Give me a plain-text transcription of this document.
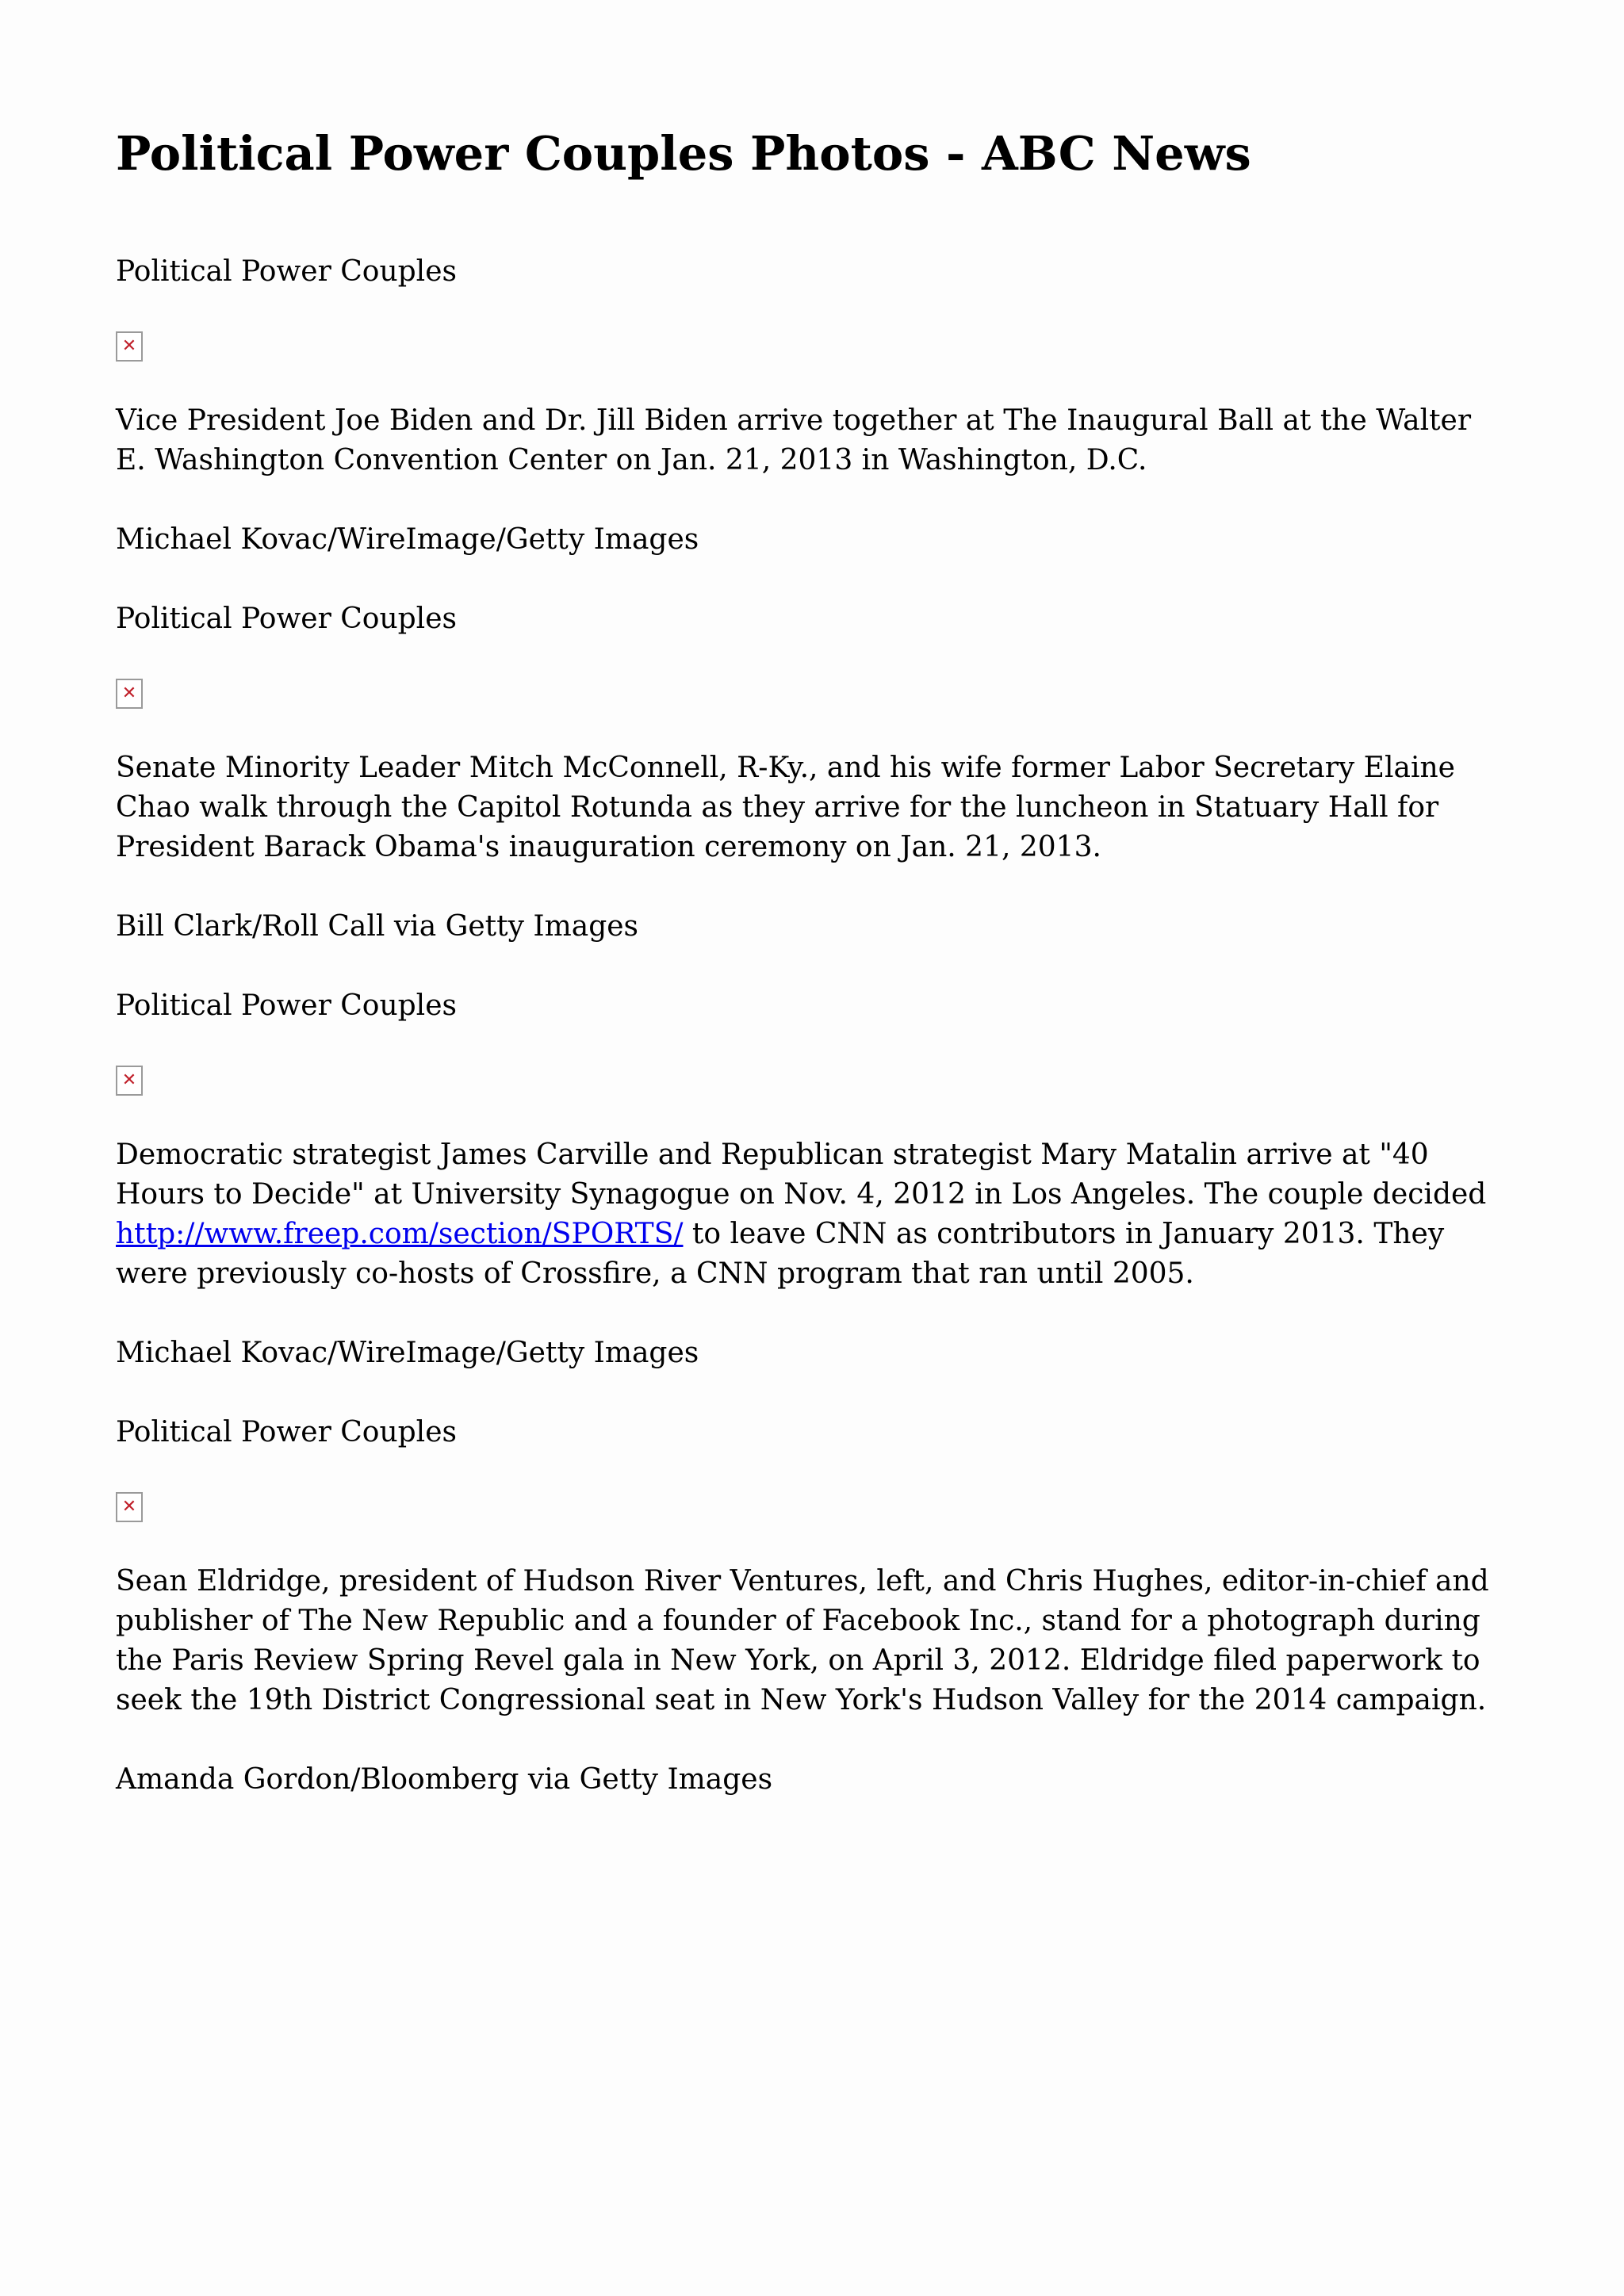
Political Power Couples Photos - ABC News

Political Power Couples

✕

Vice President Joe Biden and Dr. Jill Biden arrive together at The Inaugural Ball at the Walter E. Washington Convention Center on Jan. 21, 2013 in Washington, D.C.

Michael Kovac/WireImage/Getty Images

Political Power Couples

✕

Senate Minority Leader Mitch McConnell, R-Ky., and his wife former Labor Secretary Elaine Chao walk through the Capitol Rotunda as they arrive for the luncheon in Statuary Hall for President Barack Obama's inauguration ceremony on Jan. 21, 2013.

Bill Clark/Roll Call via Getty Images

Political Power Couples

✕

Democratic strategist James Carville and Republican strategist Mary Matalin arrive at "40 Hours to Decide" at University Synagogue on Nov. 4, 2012 in Los Angeles. The couple decided http://www.freep.com/section/SPORTS/ to leave CNN as contributors in January 2013. They were previously co-hosts of Crossfire, a CNN program that ran until 2005.

Michael Kovac/WireImage/Getty Images

Political Power Couples

✕

Sean Eldridge, president of Hudson River Ventures, left, and Chris Hughes, editor-in-chief and publisher of The New Republic and a founder of Facebook Inc., stand for a photograph during the Paris Review Spring Revel gala in New York, on April 3, 2012. Eldridge filed paperwork to seek the 19th District Congressional seat in New York's Hudson Valley for the 2014 campaign.

Amanda Gordon/Bloomberg via Getty Images
